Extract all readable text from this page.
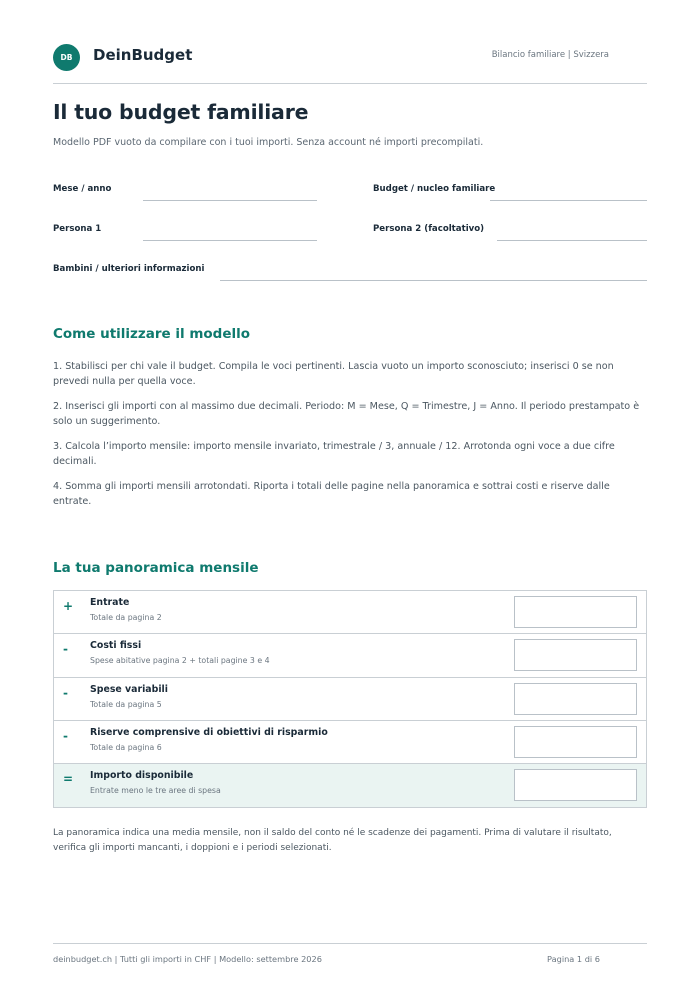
DB	DeinBudget	Bilancio familiare | Svizzera
Il tuo budget familiare

Modello PDF vuoto da compilare con i tuoi importi. Senza account né importi precompilati.

Mese / anno	Budget / nucleo familiare
Persona 1	Persona 2 (facoltativo)
Bambini / ulteriori informazioni
Come utilizzare il modello

1. Stabilisci per chi vale il budget. Compila le voci pertinenti. Lascia vuoto un importo sconosciuto; inserisci 0 se non prevedi nulla per quella voce.

2. Inserisci gli importi con al massimo due decimali. Periodo: M = Mese, Q = Trimestre, J = Anno. Il periodo prestampato è solo un suggerimento.

3. Calcola l’importo mensile: importo mensile invariato, trimestrale / 3, annuale / 12. Arrotonda ogni voce a due cifre decimali.

4. Somma gli importi mensili arrotondati. Riporta i totali delle pagine nella panoramica e sottrai costi e riserve dalle entrate.

La tua panoramica mensile
+ Entrate
Totale da pagina 2
- Costi fissi
Spese abitative pagina 2 + totali pagine 3 e 4
- Spese variabili
Totale da pagina 5
- Riserve comprensive di obiettivi di risparmio
Totale da pagina 6
= Importo disponibile
Entrate meno le tre aree di spesa

La panoramica indica una media mensile, non il saldo del conto né le scadenze dei pagamenti. Prima di valutare il risultato, verifica gli importi mancanti, i doppioni e i periodi selezionati.

deinbudget.ch | Tutti gli importi in CHF | Modello: settembre 2026	Pagina 1 di 6
